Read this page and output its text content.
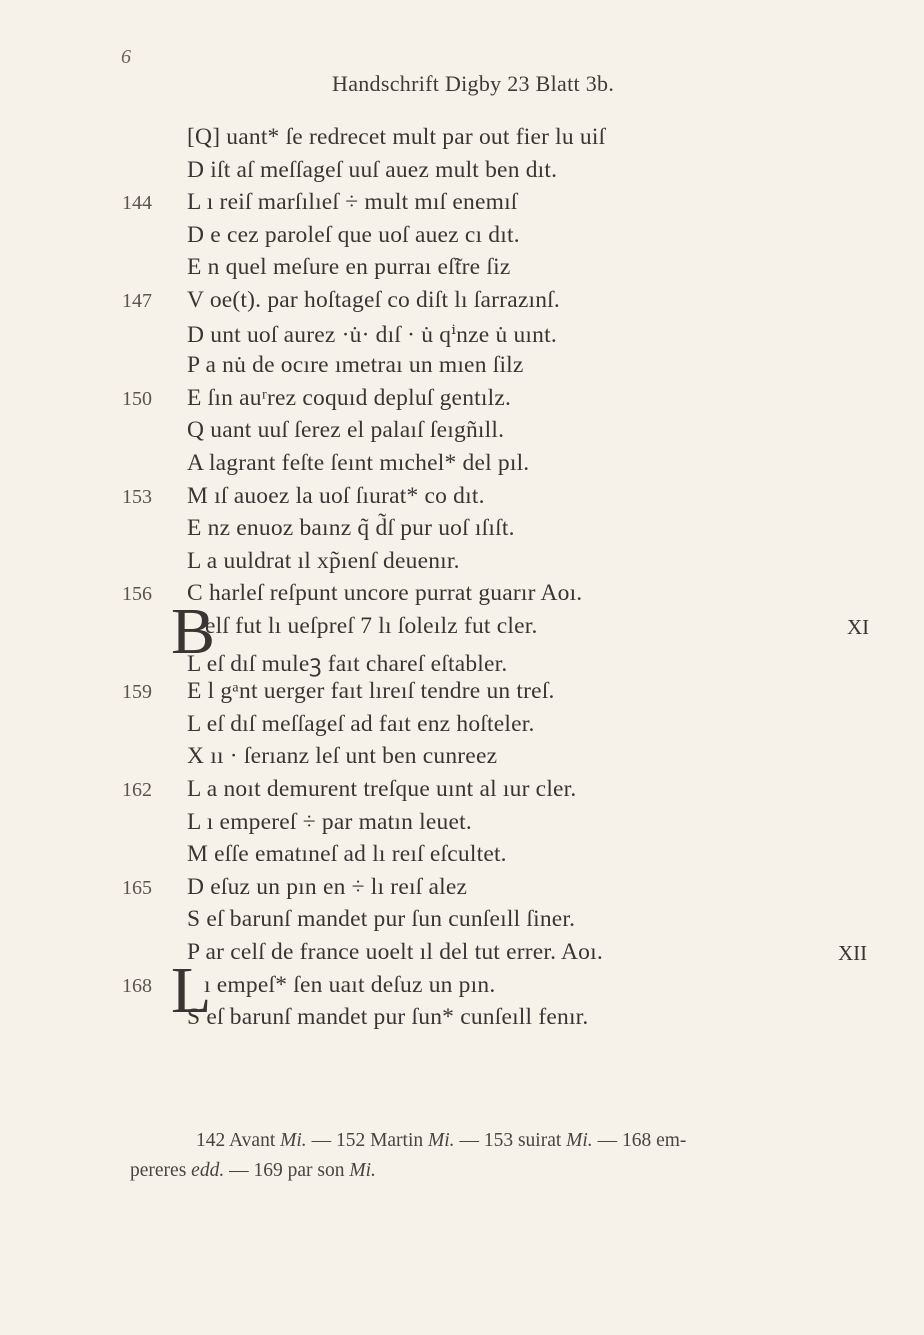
6
Handschrift Digby 23 Blatt 3b.
[Q] uant* ſe redrecet mult par out fier lu uiſ
D iſt aſ meſſageſ uuſ auez mult ben dıt.
144 L ı reiſ marſılıeſ ÷ mult mıſ enemıſ
D e cez paroleſ que uoſ auez cı dıt.
E n quel meſure en purraı eſ̃tre ſiz
147 V oe(t). par hoſtageſ co diſt lı ſarrazınſ.
D unt uoſ aurez ·u̇· dıſ · u̇ qⁱnze u̇ uınt.
P a nu̇ de ocıre ımetraı un mıen ſilz
150 E ſın auʳrez coquıd depluſ gentılz.
Q uant uuſ ſerez el palaıſ ſeıgñıll.
A lagrant feſte ſeınt mıchel* del pıl.
153 M ıſ auoez la uoſ ſıurat* co dıt.
E nz enuoz baınz q̃ d̃ſ pur uoſ ıſıſt.
L a uuldrat ıl xp̃ıenſ deuenır.
156 C harleſ reſpunt uncore purrat guarır Aoı.
B
elſ fut lı ueſpreſ 7 lı ſoleılz fut cler.	XI
L eſ dıſ muleꝫ faıt chareſ eſtabler.
159 E l gᵃnt uerger faıt lıreıſ tendre un treſ.
L eſ dıſ meſſageſ ad faıt enz hoſteler.
X ıı · ſerıanz leſ unt ben cunreez
162 L a noıt demurent treſque uınt al ıur cler.
L ı empereſ ÷ par matın leuet.
M eſſe ematıneſ ad lı reıſ eſcultet.
165 D eſuz un pın en ÷ lı reıſ alez
S eſ barunſ mandet pur ſun cunſeıll ſiner.
P ar celſ de france uoelt ıl del tut errer. Aoı.	XII
168 L
ı empeſ* ſen uaıt deſuz un pın.
S eſ barunſ mandet pur ſun* cunſeıll fenır.
142 Avant Mi. — 152 Martin Mi. — 153 suirat Mi. — 168 em-
pereres edd. — 169 par son Mi.
